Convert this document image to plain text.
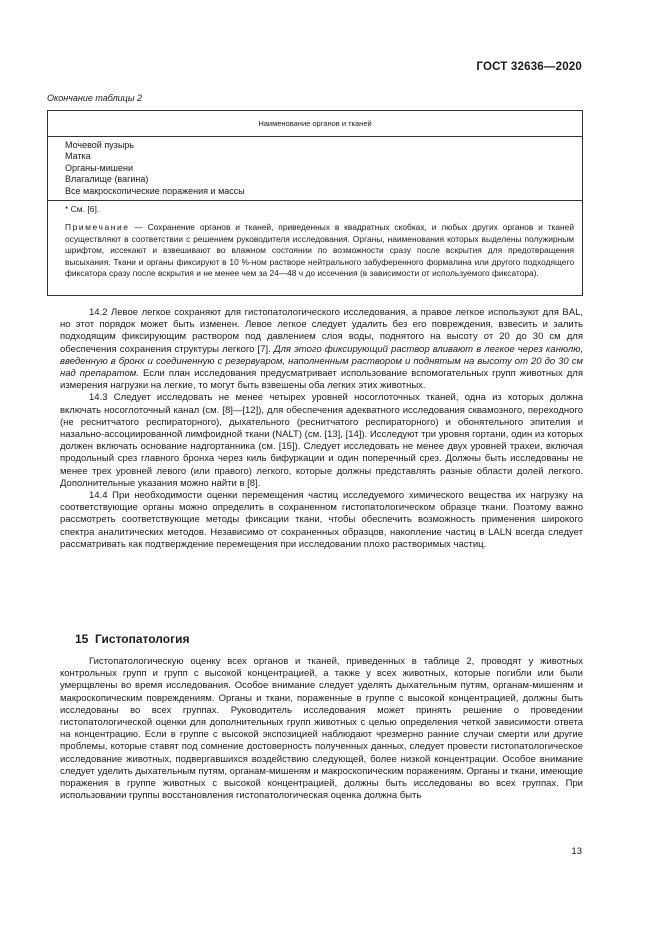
ГОСТ 32636—2020
Окончание таблицы 2
Наименование органов и тканей
Мочевой пузырь
Матка
Органы-мишени
Влагалище (вагина)
Все макроскопические поражения и массы
* См. [6].
Примечание — Сохранение органов и тканей, приведенных в квадратных скобках, и любых других органов и тканей осуществляют в соответствии с решением руководителя исследования. Органы, наименования которых выделены полужирным шрифтом, иссекают и взвешивают во влажном состоянии по возможности сразу после вскрытия для предотвращения высыхания. Ткани и органы фиксируют в 10 %-ном растворе нейтрального забуференного формалина или другого подходящего фиксатора сразу после вскрытия и не менее чем за 24—48 ч до иссечения (в зависимости от используемого фиксатора).

14.2 Левое легкое сохраняют для гистопатологического исследования, а правое легкое используют для BAL, но этот порядок может быть изменен. Левое легкое следует удалить без его повреждения, взвесить и залить подходящим фиксирующим раствором под давлением слоя воды, поднятого на высоту от 20 до 30 см для обеспечения сохранения структуры легкого [7]. Для этого фиксирующий раствор вливают в легкое через канюлю, введенную в бронх и соединенную с резервуаром, наполненным раствором и поднятым на высоту от 20 до 30 см над препаратом. Если план исследования предусматривает использование вспомогательных групп животных для измерения нагрузки на легкие, то могут быть взвешены оба легких этих животных.

14.3 Следует исследовать не менее четырех уровней носоглоточных тканей, одна из которых должна включать носоглоточный канал (см. [8]—[12]), для обеспечения адекватного исследования сквамозного, переходного (не реснитчатого респираторного), дыхательного (реснитчатого респираторного) и обонятельного эпителия и назально-ассоциированной лимфоидной ткани (NALT) (см. [13], [14]). Исследуют три уровня гортани, один из которых должен включать основание надгортанника (см. [15]). Следует исследовать не менее двух уровней трахеи, включая продольный срез главного бронха через киль бифуркации и один поперечный срез. Должны быть исследованы не менее трех уровней левого (или правого) легкого, которые должны представлять разные области долей легкого. Дополнительные указания можно найти в [8].

14.4 При необходимости оценки перемещения частиц исследуемого химического вещества их нагрузку на соответствующие органы можно определить в сохраненном гистопатологическом образце ткани. Поэтому важно рассмотреть соответствующие методы фиксации ткани, чтобы обеспечить возможность применения широкого спектра аналитических методов. Независимо от сохраненных образцов, накопление частиц в LALN всегда следует рассматривать как подтверждение перемещения при исследовании плохо растворимых частиц.

15 Гистопатология

Гистопатологическую оценку всех органов и тканей, приведенных в таблице 2, проводят у животных контрольных групп и групп с высокой концентрацией, а также у всех животных, которые погибли или были умерщвлены во время исследования. Особое внимание следует уделять дыхательным путям, органам-мишеням и макроскопическим повреждениям. Органы и ткани, пораженные в группе с высокой концентрацией, должны быть исследованы во всех группах. Руководитель исследования может принять решение о проведении гистопатологической оценки для дополнительных групп животных с целью определения четкой зависимости ответа на концентрацию. Если в группе с высокой экспозицией наблюдают чрезмерно ранние случаи смерти или другие проблемы, которые ставят под сомнение достоверность полученных данных, следует провести гистопатологическое исследование животных, подвергавшихся воздействию следующей, более низкой концентрации. Особое внимание следует уделить дыхательным путям, органам-мишеням и макроскопическим поражениям. Органы и ткани, имеющие поражения в группе животных с высокой концентрацией, должны быть исследованы во всех группах. При использовании группы восстановления гистопатологическая оценка должна быть

13
